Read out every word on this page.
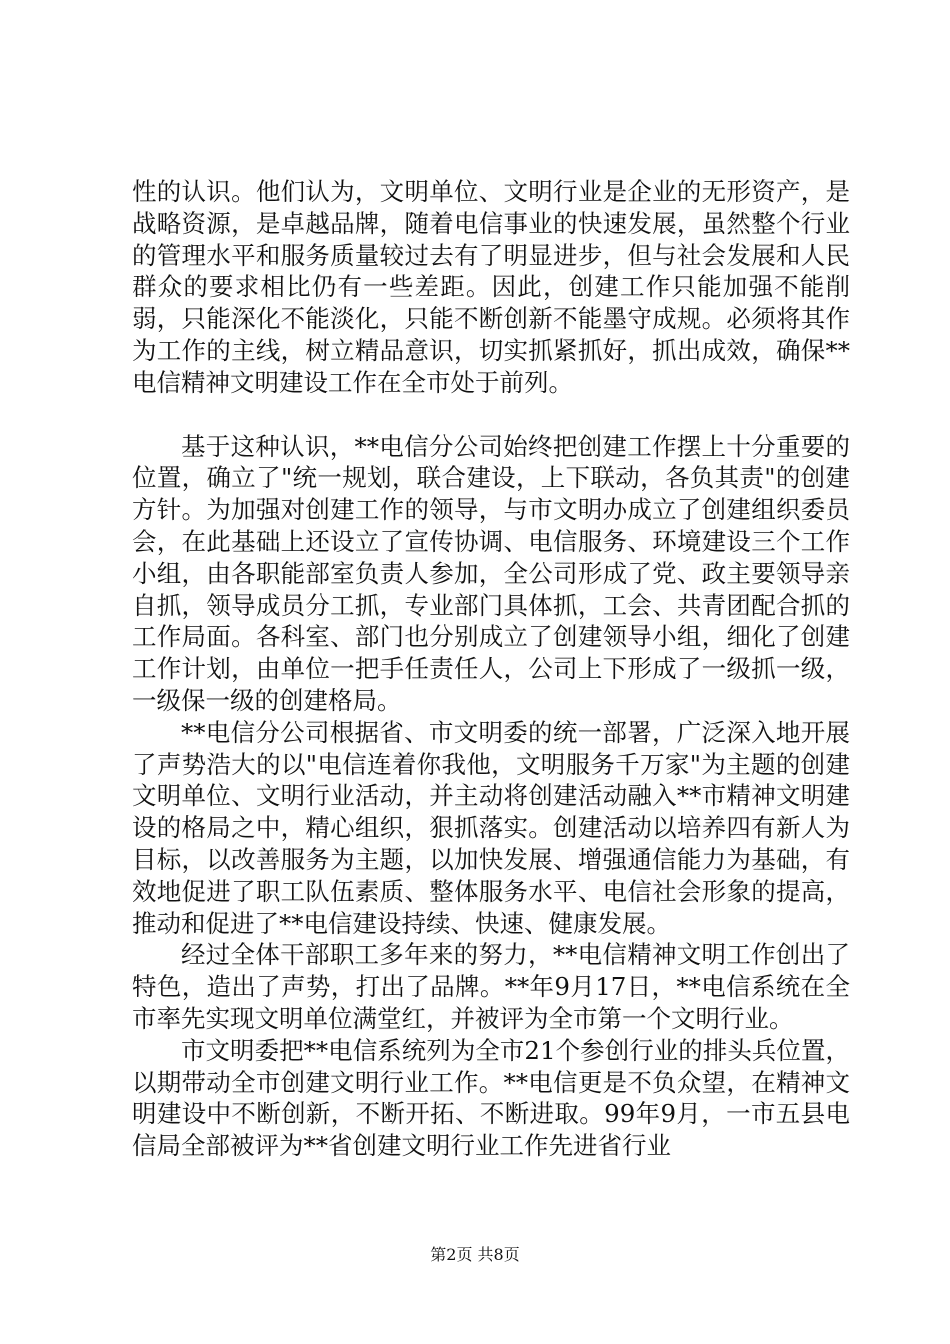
性的认识。他们认为，文明单位、文明行业是企业的无形资产，是战略资源，是卓越品牌，随着电信事业的快速发展，虽然整个行业的管理水平和服务质量较过去有了明显进步，但与社会发展和人民群众的要求相比仍有一些差距。因此，创建工作只能加强不能削弱，只能深化不能淡化，只能不断创新不能墨守成规。必须将其作为工作的主线，树立精品意识，切实抓紧抓好，抓出成效，确保**电信精神文明建设工作在全市处于前列。

基于这种认识，**电信分公司始终把创建工作摆上十分重要的位置，确立了"统一规划，联合建设，上下联动，各负其责"的创建方针。为加强对创建工作的领导，与市文明办成立了创建组织委员会，在此基础上还设立了宣传协调、电信服务、环境建设三个工作小组，由各职能部室负责人参加，全公司形成了党、政主要领导亲自抓，领导成员分工抓，专业部门具体抓，工会、共青团配合抓的工作局面。各科室、部门也分别成立了创建领导小组，细化了创建工作计划，由单位一把手任责任人，公司上下形成了一级抓一级，一级保一级的创建格局。

**电信分公司根据省、市文明委的统一部署，广泛深入地开展了声势浩大的以"电信连着你我他，文明服务千万家"为主题的创建文明单位、文明行业活动，并主动将创建活动融入**市精神文明建设的格局之中，精心组织，狠抓落实。创建活动以培养四有新人为目标，以改善服务为主题，以加快发展、增强通信能力为基础，有效地促进了职工队伍素质、整体服务水平、电信社会形象的提高，推动和促进了**电信建设持续、快速、健康发展。

经过全体干部职工多年来的努力，**电信精神文明工作创出了特色，造出了声势，打出了品牌。**年9月17日，**电信系统在全市率先实现文明单位满堂红，并被评为全市第一个文明行业。

市文明委把**电信系统列为全市21个参创行业的排头兵位置，以期带动全市创建文明行业工作。**电信更是不负众望，在精神文明建设中不断创新，不断开拓、不断进取。99年9月，一市五县电信局全部被评为**省创建文明行业工作先进省行业

第2页 共8页
